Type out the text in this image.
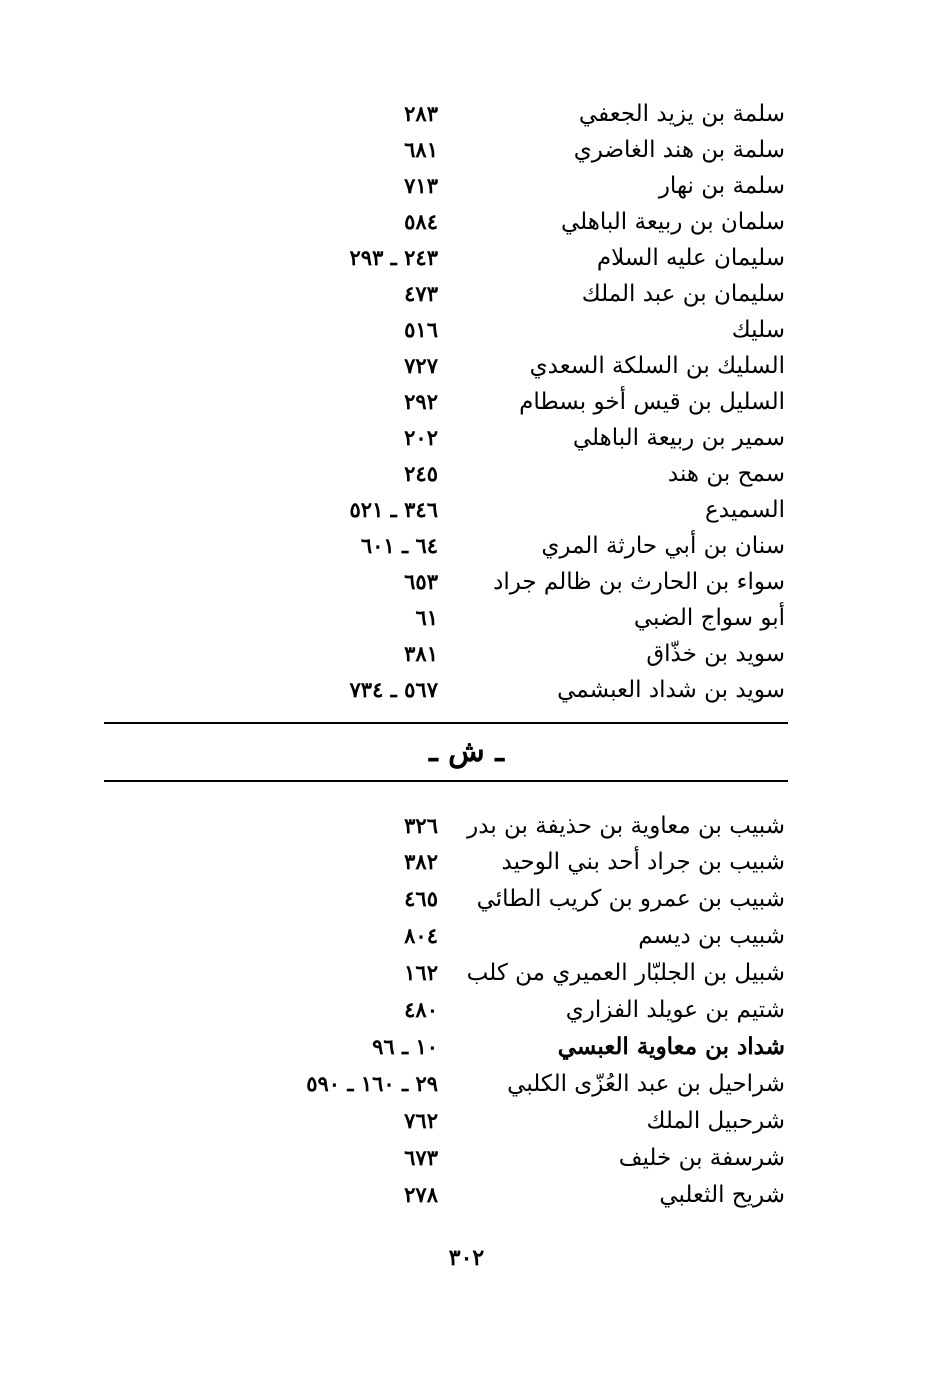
سلمة بن يزيد الجعفي
٢٨٣
سلمة بن هند الغاضري
٦٨١
سلمة بن نهار
٧١٣
سلمان بن ربيعة الباهلي
٥٨٤
سليمان عليه السلام
٢٤٣ ـ ٢٩٣
سليمان بن عبد الملك
٤٧٣
سليك
٥١٦
السليك بن السلكة السعدي
٧٢٧
السليل بن قيس أخو بسطام
٢٩٢
سمير بن ربيعة الباهلي
٢٠٢
سمح بن هند
٢٤٥
السميدع
٣٤٦ ـ ٥٢١
سنان بن أبي حارثة المري
٦٤ ـ ٦٠١
سواء بن الحارث بن ظالم جراد
٦٥٣
أبو سواج الضبي
٦١
سويد بن خذّاق
٣٨١
سويد بن شداد العبشمي
٥٦٧ ـ ٧٣٤
ـ ش ـ
شبيب بن معاوية بن حذيفة بن بدر
٣٢٦
شبيب بن جراد أحد بني الوحيد
٣٨٢
شبيب بن عمرو بن كريب الطائي
٤٦٥
شبيب بن ديسم
٨٠٤
شبيل بن الجلبّار العميري من كلب
١٦٢
شتيم بن عويلد الفزاري
٤٨٠
شداد بن معاوية العبسي
١٠ ـ ٩٦
شراحيل بن عبد العُزّى الكلبي
٢٩ ـ ١٦٠ ـ ٥٩٠
شرحبيل الملك
٧٦٢
شرسفة بن خليف
٦٧٣
شريح الثعلبي
٢٧٨
٣٠٢
